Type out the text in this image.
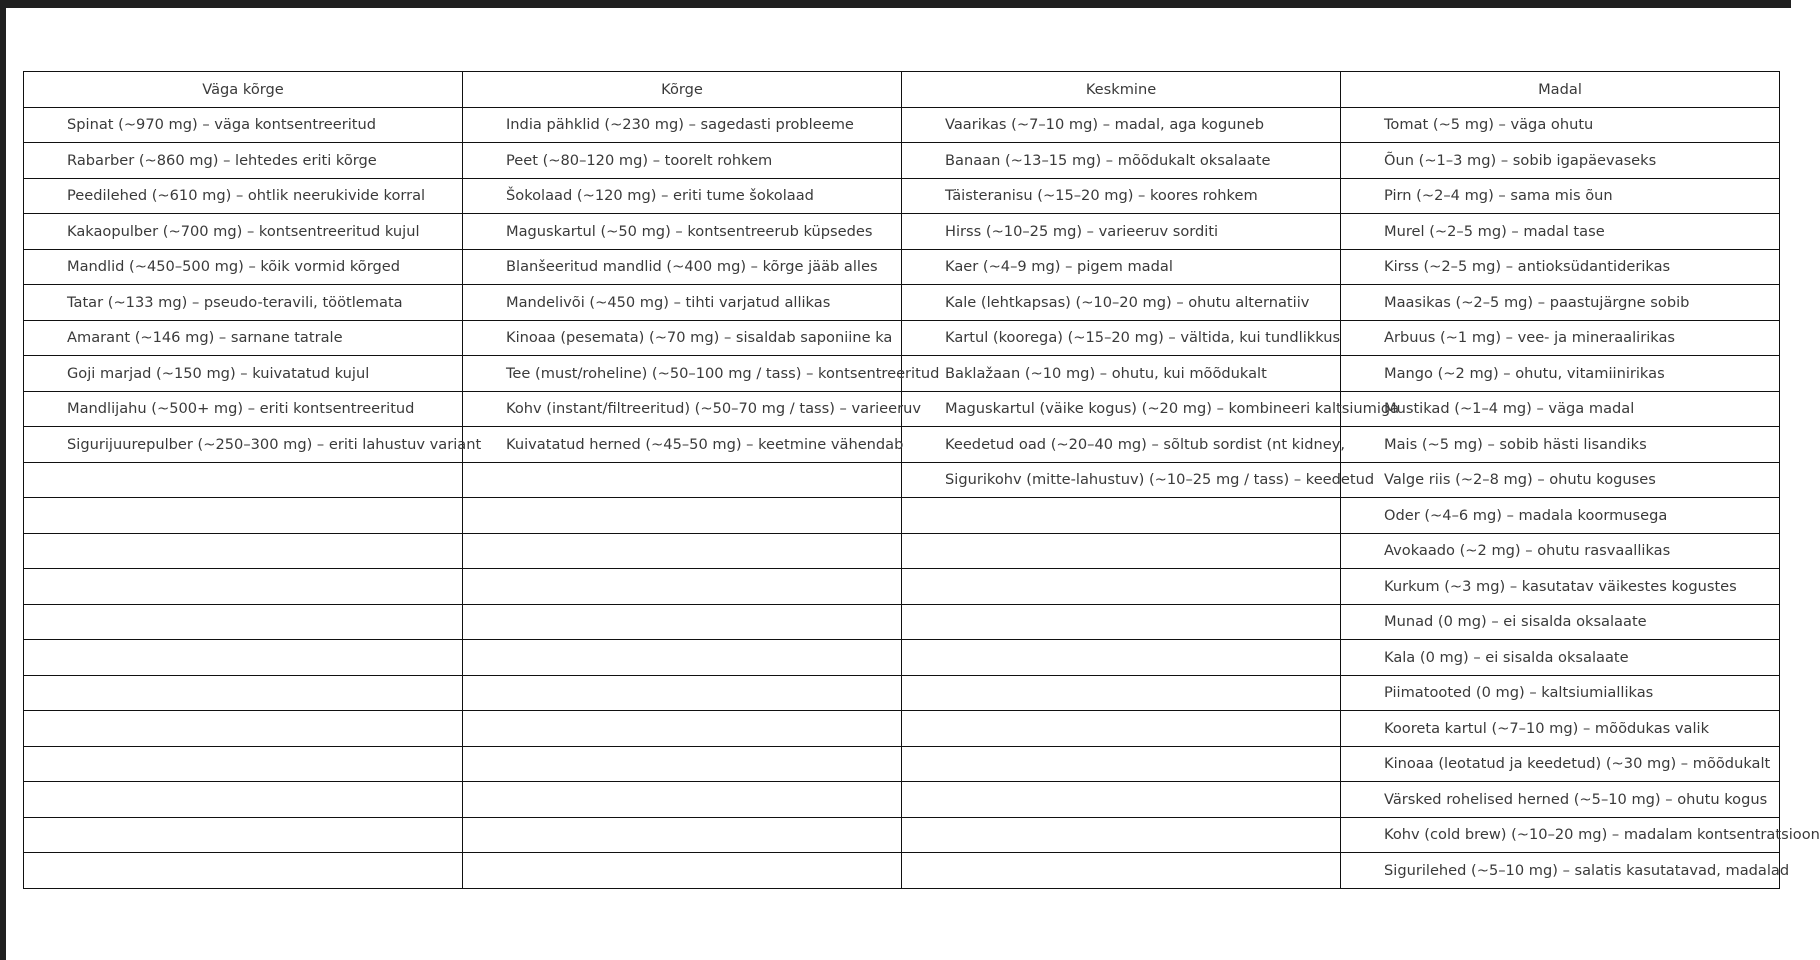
Väga kõrge	Kõrge	Keskmine	Madal
Spinat (~970 mg) – väga kontsentreeritud	India pähklid (~230 mg) – sagedasti probleeme	Vaarikas (~7–10 mg) – madal, aga koguneb	Tomat (~5 mg) – väga ohutu
Rabarber (~860 mg) – lehtedes eriti kõrge	Peet (~80–120 mg) – toorelt rohkem	Banaan (~13–15 mg) – mõõdukalt oksalaate	Õun (~1–3 mg) – sobib igapäevaseks
Peedilehed (~610 mg) – ohtlik neerukivide korral	Šokolaad (~120 mg) – eriti tume šokolaad	Täisteranisu (~15–20 mg) – koores rohkem	Pirn (~2–4 mg) – sama mis õun
Kakaopulber (~700 mg) – kontsentreeritud kujul	Maguskartul (~50 mg) – kontsentreerub küpsedes	Hirss (~10–25 mg) – varieeruv sorditi	Murel (~2–5 mg) – madal tase
Mandlid (~450–500 mg) – kõik vormid kõrged	Blanšeeritud mandlid (~400 mg) – kõrge jääb alles	Kaer (~4–9 mg) – pigem madal	Kirss (~2–5 mg) – antioksüdantiderikas
Tatar (~133 mg) – pseudo-teravili, töötlemata	Mandelivõi (~450 mg) – tihti varjatud allikas	Kale (lehtkapsas) (~10–20 mg) – ohutu alternatiiv	Maasikas (~2–5 mg) – paastujärgne sobib
Amarant (~146 mg) – sarnane tatrale	Kinoaa (pesemata) (~70 mg) – sisaldab saponiine ka	Kartul (koorega) (~15–20 mg) – vältida, kui tundlikkus	Arbuus (~1 mg) – vee- ja mineraalirikas
Goji marjad (~150 mg) – kuivatatud kujul	Tee (must/roheline) (~50–100 mg / tass) – kontsentreeritud	Baklažaan (~10 mg) – ohutu, kui mõõdukalt	Mango (~2 mg) – ohutu, vitamiinirikas
Mandlijahu (~500+ mg) – eriti kontsentreeritud	Kohv (instant/filtreeritud) (~50–70 mg / tass) – varieeruv	Maguskartul (väike kogus) (~20 mg) – kombineeri kaltsiumiga	Mustikad (~1–4 mg) – väga madal
Sigurijuurepulber (~250–300 mg) – eriti lahustuv variant	Kuivatatud herned (~45–50 mg) – keetmine vähendab	Keedetud oad (~20–40 mg) – sõltub sordist (nt kidney,	Mais (~5 mg) – sobib hästi lisandiks
		Sigurikohv (mitte-lahustuv) (~10–25 mg / tass) – keedetud	Valge riis (~2–8 mg) – ohutu koguses
			Oder (~4–6 mg) – madala koormusega
			Avokaado (~2 mg) – ohutu rasvaallikas
			Kurkum (~3 mg) – kasutatav väikestes kogustes
			Munad (0 mg) – ei sisalda oksalaate
			Kala (0 mg) – ei sisalda oksalaate
			Piimatooted (0 mg) – kaltsiumiallikas
			Kooreta kartul (~7–10 mg) – mõõdukas valik
			Kinoaa (leotatud ja keedetud) (~30 mg) – mõõdukalt
			Värsked rohelised herned (~5–10 mg) – ohutu kogus
			Kohv (cold brew) (~10–20 mg) – madalam kontsentratsioon
			Sigurilehed (~5–10 mg) – salatis kasutatavad, madalad
